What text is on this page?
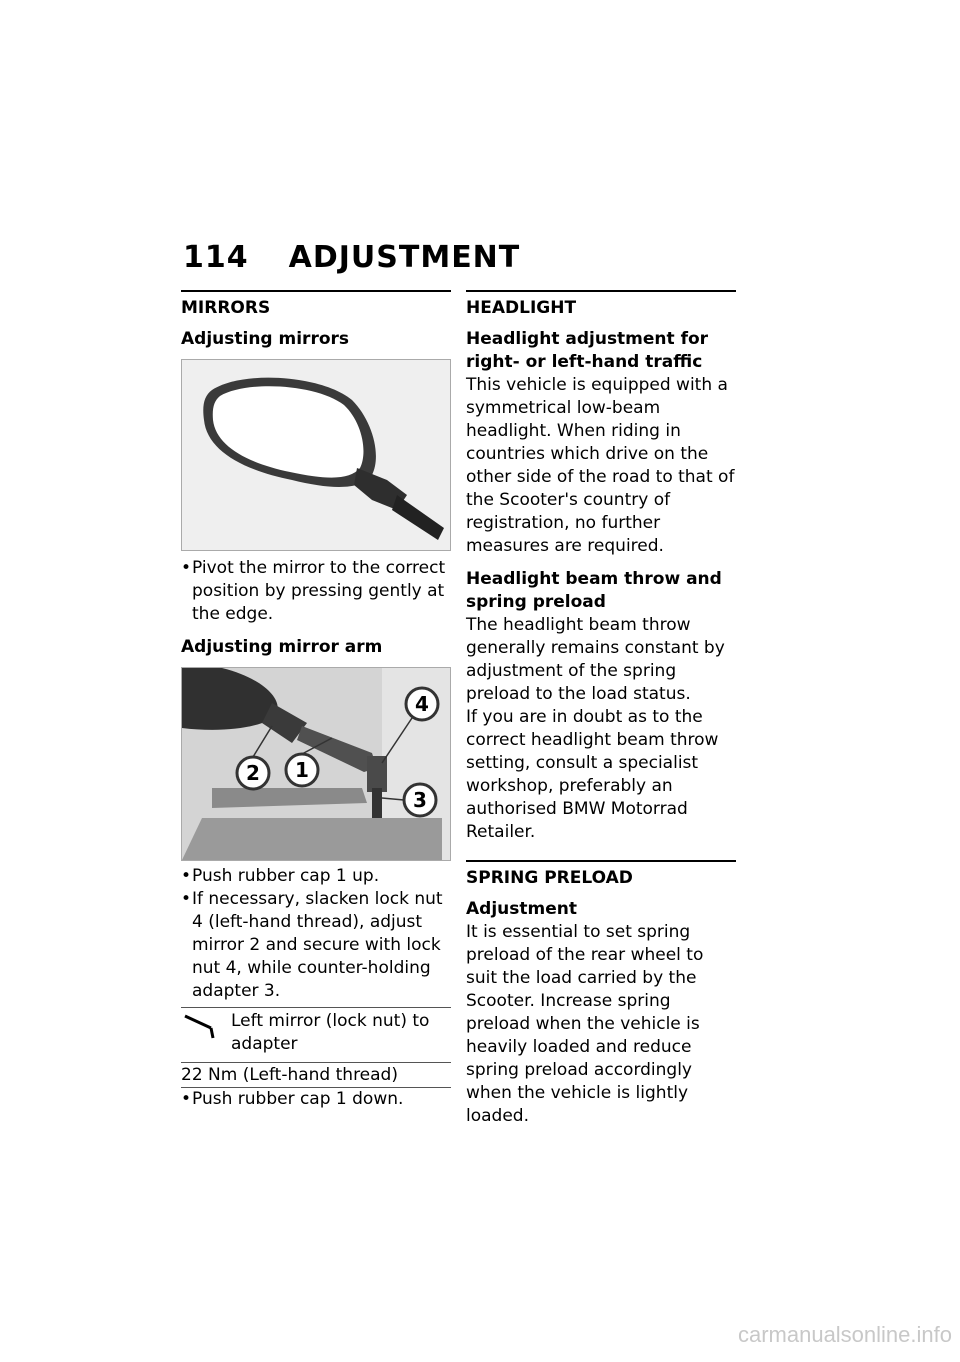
114 ADJUSTMENT
MIRRORS
Adjusting mirrors
• Pivot the mirror to the correct position by pressing gently at the edge.
Adjusting mirror arm
2 1
4
3
• Push rubber cap 1 up.
• If necessary, slacken lock nut 4 (left-hand thread), adjust mirror 2 and secure with lock nut 4, while counter-holding adapter 3.
Left mirror (lock nut) to adapter
22 Nm (Left-hand thread)
• Push rubber cap 1 down.
HEADLIGHT
Headlight adjustment for right- or left-hand traffic

This vehicle is equipped with a symmetrical low-beam headlight. When riding in countries which drive on the other side of the road to that of the Scooter's country of registration, no further measures are required.

Headlight beam throw and spring preload

The headlight beam throw generally remains constant by adjustment of the spring preload to the load status.

If you are in doubt as to the correct headlight beam throw setting, consult a specialist workshop, preferably an authorised BMW Motorrad Retailer.

SPRING PRELOAD
Adjustment

It is essential to set spring preload of the rear wheel to suit the load carried by the Scooter. Increase spring preload when the vehicle is heavily loaded and reduce spring preload accordingly when the vehicle is lightly loaded.

carmanualsonline.info
